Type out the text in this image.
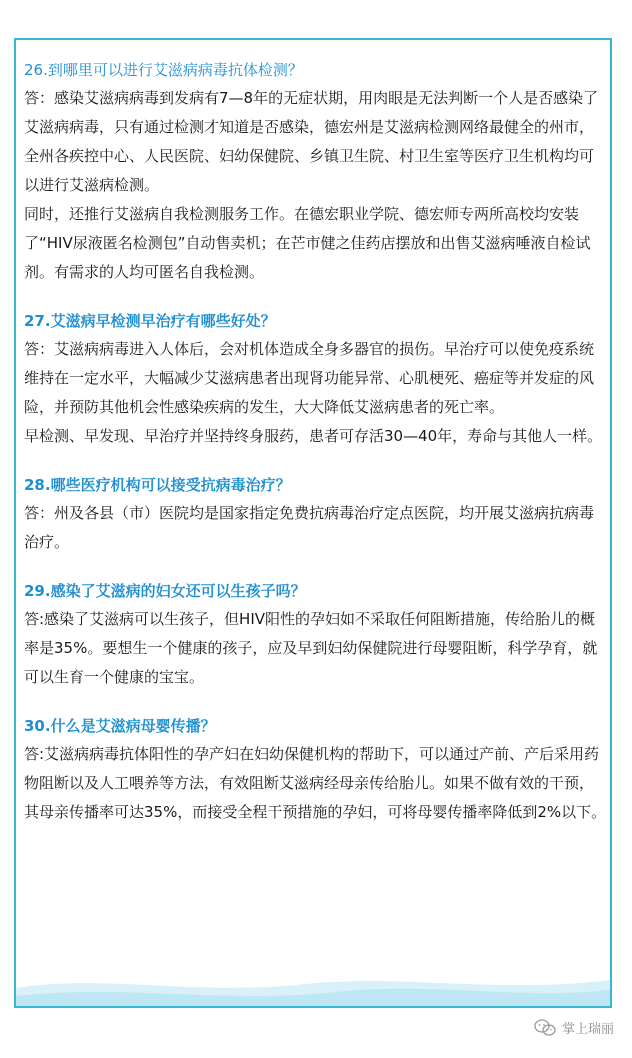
26.到哪里可以进行艾滋病病毒抗体检测？

答：感染艾滋病病毒到发病有7—8年的无症状期，用肉眼是无法判断一个人是否感染了艾滋病病毒，只有通过检测才知道是否感染，德宏州是艾滋病检测网络最健全的州市，全州各疾控中心、人民医院、妇幼保健院、乡镇卫生院、村卫生室等医疗卫生机构均可以进行艾滋病检测。

同时，还推行艾滋病自我检测服务工作。在德宏职业学院、德宏师专两所高校均安装了“HIV尿液匿名检测包”自动售卖机；在芒市健之佳药店摆放和出售艾滋病唾液自检试剂。有需求的人均可匿名自我检测。

27.艾滋病早检测早治疗有哪些好处？

答：艾滋病病毒进入人体后，会对机体造成全身多器官的损伤。早治疗可以使免疫系统维持在一定水平，大幅减少艾滋病患者出现肾功能异常、心肌梗死、癌症等并发症的风险，并预防其他机会性感染疾病的发生，大大降低艾滋病患者的死亡率。

早检测、早发现、早治疗并坚持终身服药，患者可存活30—40年，寿命与其他人一样。

28.哪些医疗机构可以接受抗病毒治疗？

答：州及各县（市）医院均是国家指定免费抗病毒治疗定点医院，均开展艾滋病抗病毒治疗。

29.感染了艾滋病的妇女还可以生孩子吗？

答:感染了艾滋病可以生孩子，但HIV阳性的孕妇如不采取任何阻断措施，传给胎儿的概率是35%。要想生一个健康的孩子，应及早到妇幼保健院进行母婴阻断，科学孕育，就可以生育一个健康的宝宝。

30.什么是艾滋病母婴传播？

答:艾滋病病毒抗体阳性的孕产妇在妇幼保健机构的帮助下，可以通过产前、产后采用药物阻断以及人工喂养等方法，有效阻断艾滋病经母亲传给胎儿。如果不做有效的干预，其母亲传播率可达35%，而接受全程干预措施的孕妇，可将母婴传播率降低到2%以下。

掌上瑞丽
